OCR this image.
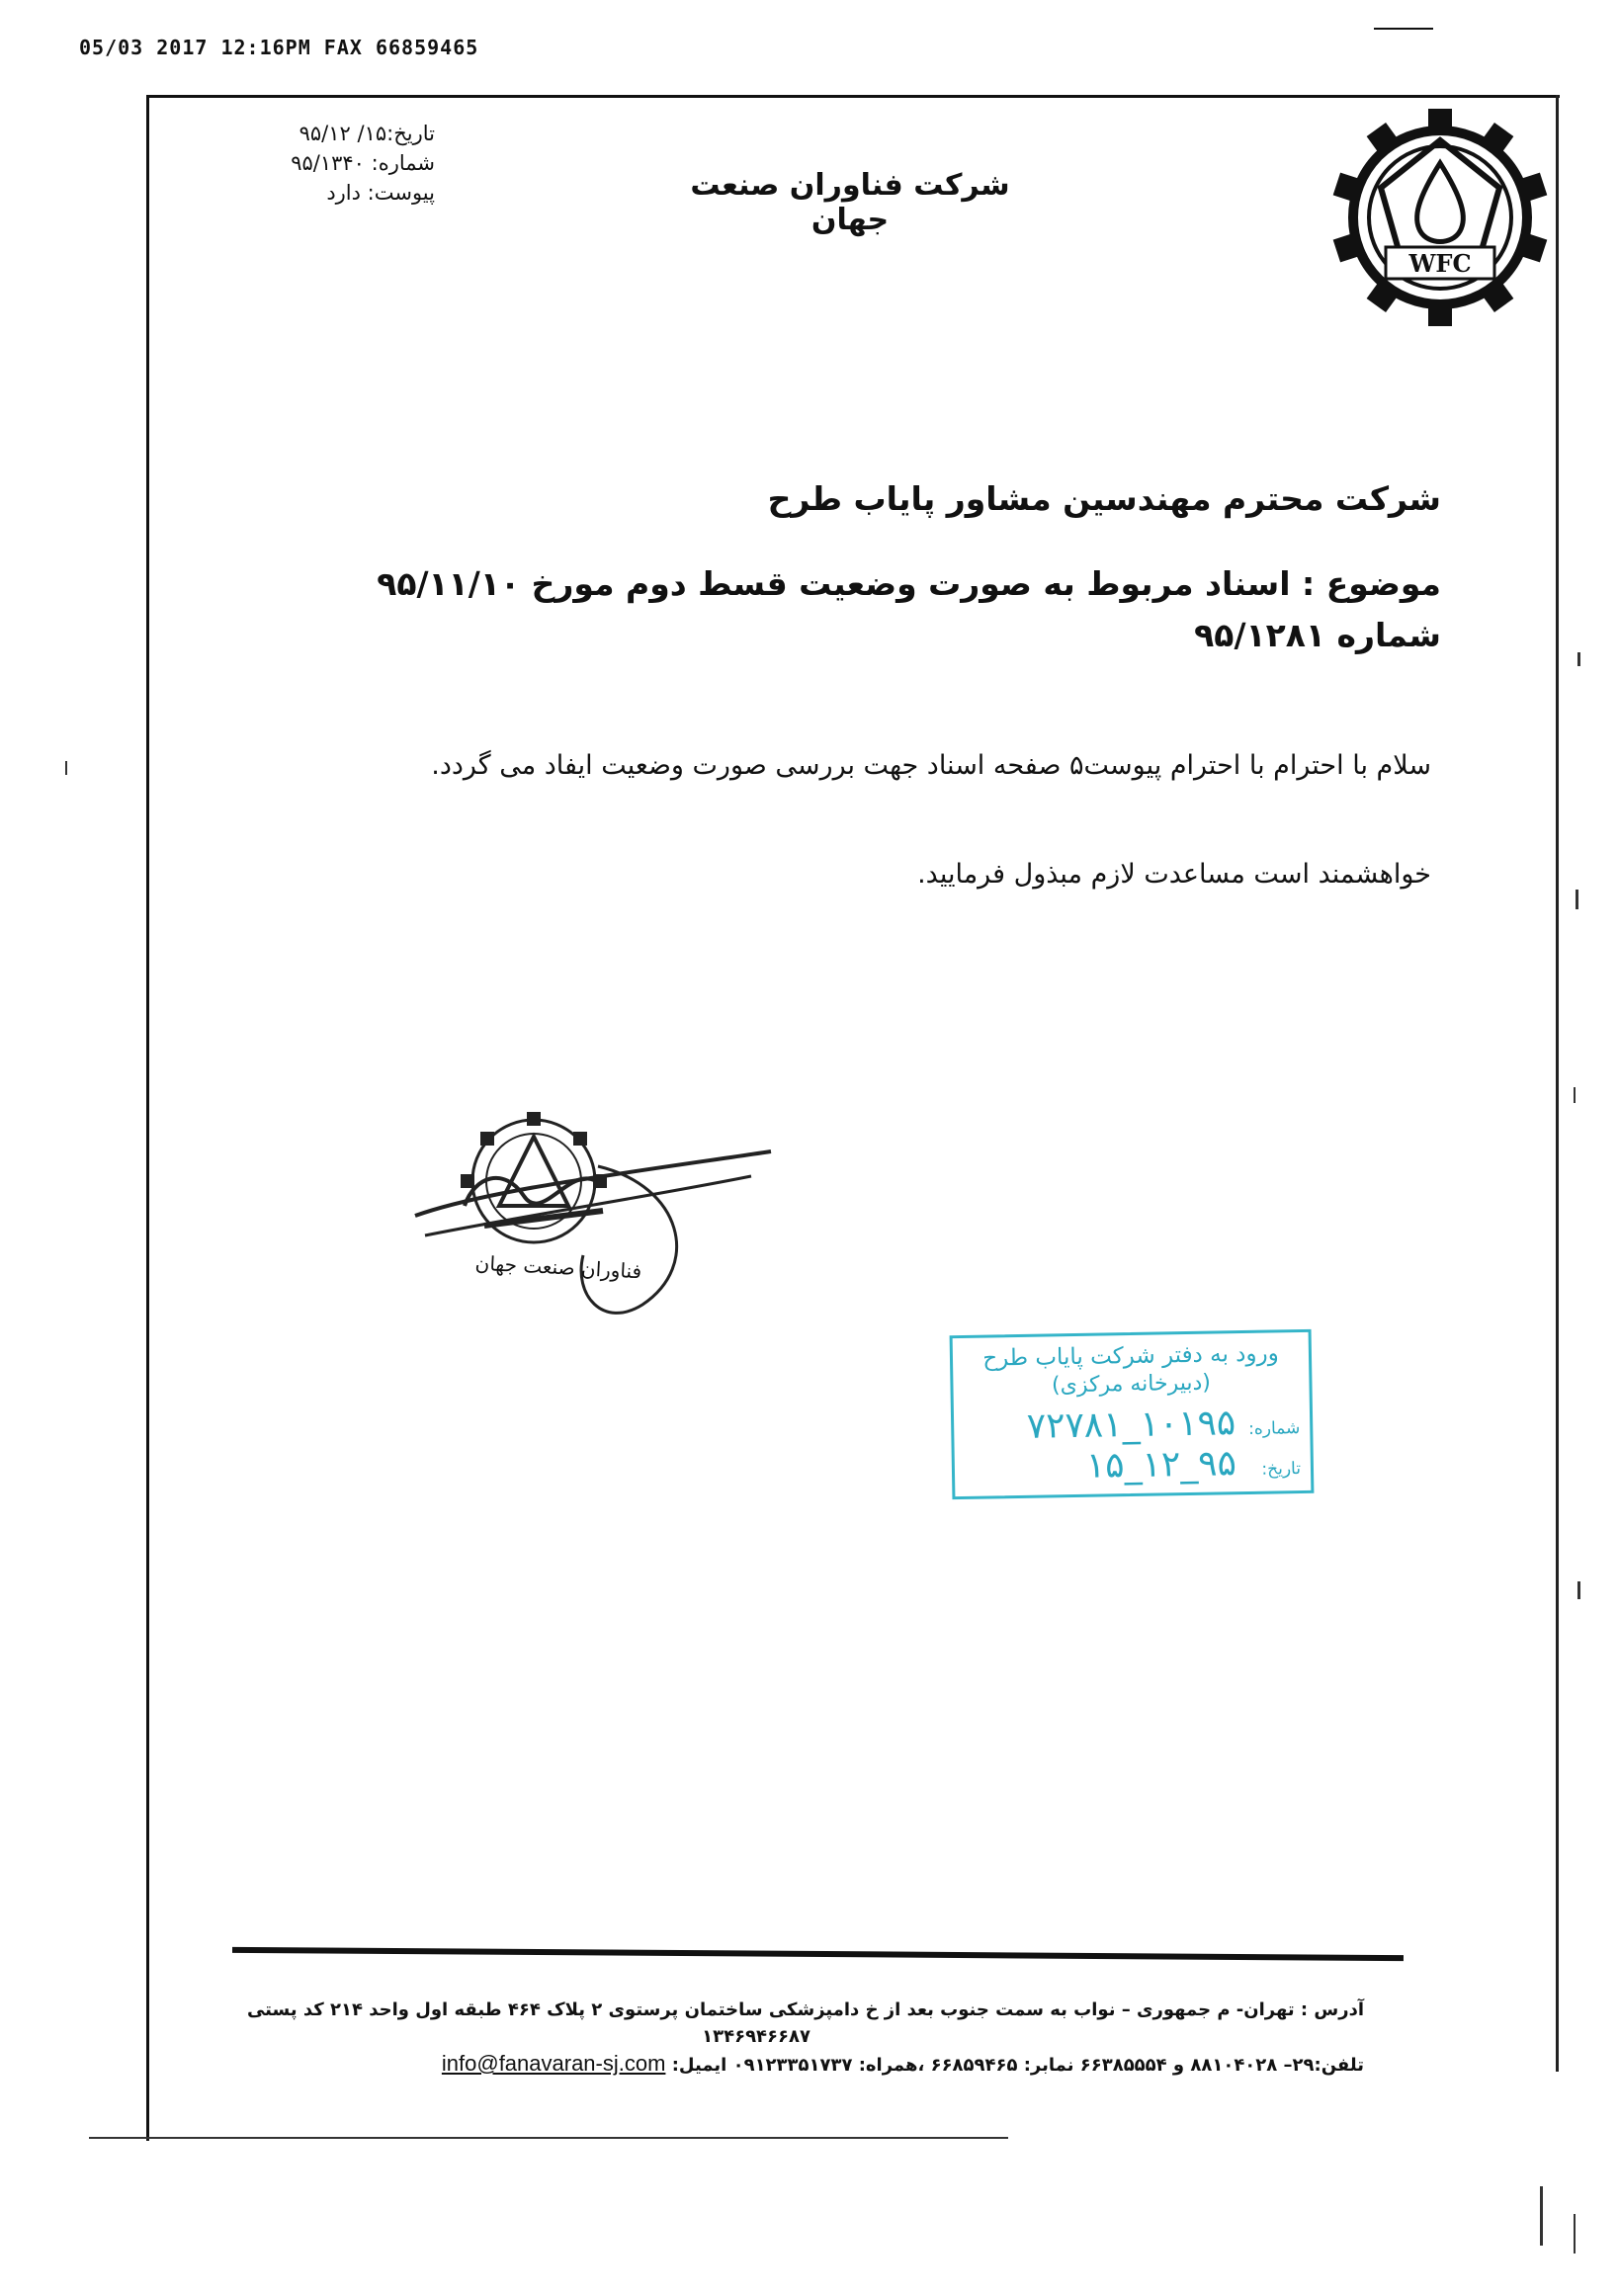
05/03 2017 12:16PM FAX 66859465
تاریخ:۱۵/ ۹۵/۱۲
شماره: ۹۵/۱۳۴۰
پیوست: دارد	شرکت فناوران صنعت جهان
WFC
شرکت محترم مهندسین مشاور پایاب طرح
موضوع : اسناد مربوط به صورت وضعیت قسط دوم مورخ ۹۵/۱۱/۱۰
شماره ۹۵/۱۲۸۱

سلام با احترام با احترام پیوست۵ صفحه اسناد جهت بررسی صورت وضعیت ایفاد می گردد.

خواهشمند است مساعدت لازم مبذول فرمایید.

فناوران صنعت جهان
ورود به دفتر شرکت پایاب طرح
(دبیرخانه مرکزی)
شماره:
۱۰۱۹۵_۷۲۷۸۱
تاریخ:
۹۵_۱۲_۱۵
آدرس : تهران- م جمهوری – نواب به سمت جنوب بعد از خ دامپزشکی ساختمان پرستوی ۲ پلاک ۴۶۴ طبقه اول واحد ۲۱۴ کد پستی
۱۳۴۶۹۴۶۶۸۷
تلفن:۲۹– ۸۸۱۰۴۰۲۸ و ۶۶۳۸۵۵۵۴ نمابر: ۶۶۸۵۹۴۶۵ ،همراه: ۰۹۱۲۳۳۵۱۷۳۷ ایمیل: info@fanavaran-sj.com
